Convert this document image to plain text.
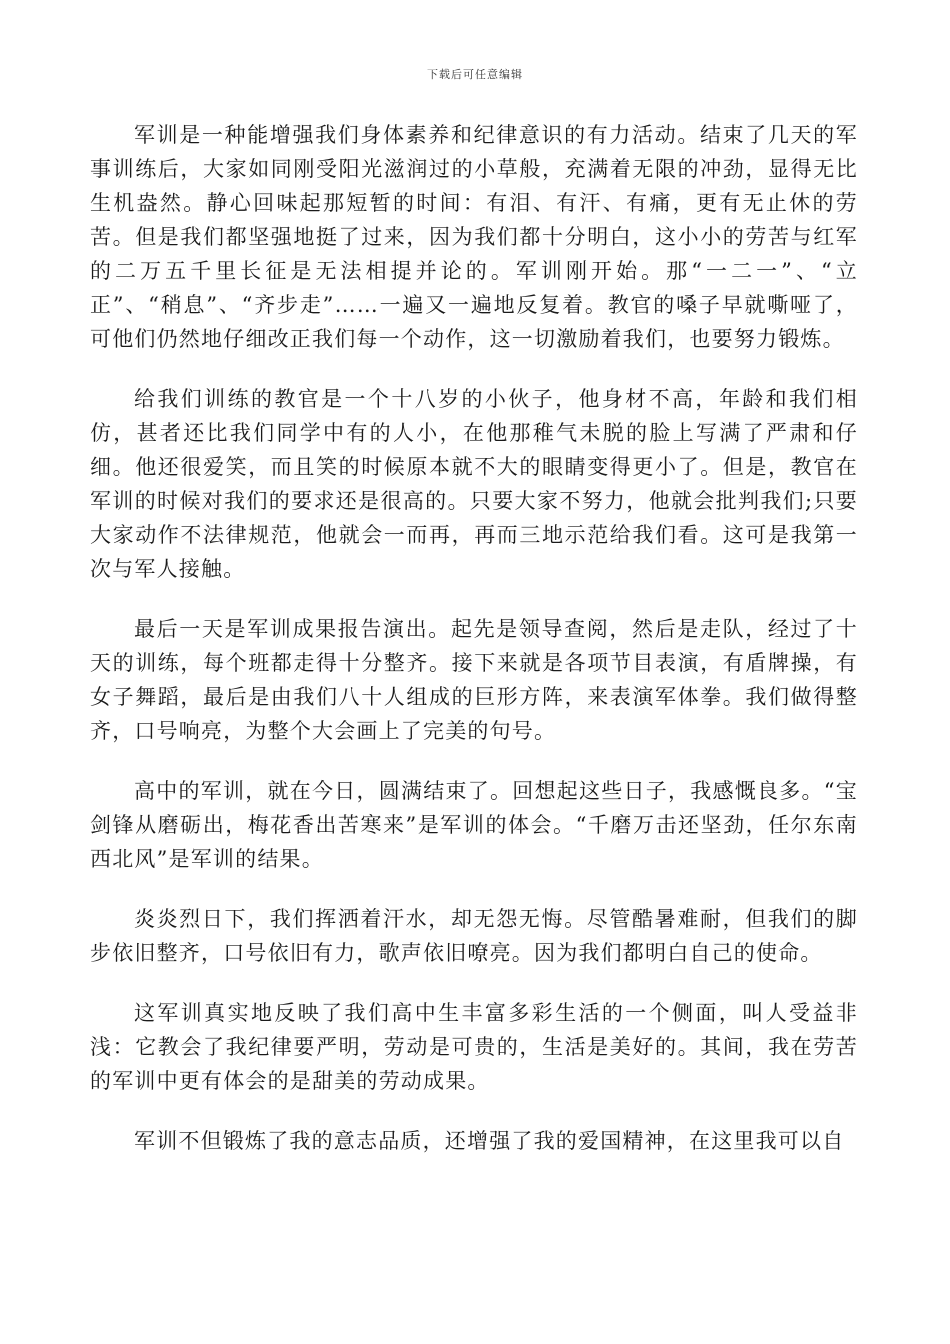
下载后可任意编辑

军训是一种能增强我们身体素养和纪律意识的有力活动。结束了几天的军事训练后，大家如同刚受阳光滋润过的小草般，充满着无限的冲劲，显得无比生机盎然。静心回味起那短暂的时间：有泪、有汗、有痛，更有无止休的劳苦。但是我们都坚强地挺了过来，因为我们都十分明白，这小小的劳苦与红军的二万五千里长征是无法相提并论的。军训刚开始。那“一二一”、“立正”、“稍息”、“齐步走”……一遍又一遍地反复着。教官的嗓子早就嘶哑了，可他们仍然地仔细改正我们每一个动作，这一切激励着我们，也要努力锻炼。

给我们训练的教官是一个十八岁的小伙子，他身材不高，年龄和我们相仿，甚者还比我们同学中有的人小，在他那稚气未脱的脸上写满了严肃和仔细。他还很爱笑，而且笑的时候原本就不大的眼睛变得更小了。但是，教官在军训的时候对我们的要求还是很高的。只要大家不努力，他就会批判我们;只要大家动作不法律规范，他就会一而再，再而三地示范给我们看。这可是我第一次与军人接触。

最后一天是军训成果报告演出。起先是领导查阅，然后是走队，经过了十天的训练，每个班都走得十分整齐。接下来就是各项节目表演，有盾牌操，有女子舞蹈，最后是由我们八十人组成的巨形方阵，来表演军体拳。我们做得整齐，口号响亮，为整个大会画上了完美的句号。

高中的军训，就在今日，圆满结束了。回想起这些日子，我感慨良多。“宝剑锋从磨砺出，梅花香出苦寒来”是军训的体会。“千磨万击还坚劲，任尔东南西北风”是军训的结果。

炎炎烈日下，我们挥洒着汗水，却无怨无悔。尽管酷暑难耐，但我们的脚步依旧整齐，口号依旧有力，歌声依旧嘹亮。因为我们都明白自己的使命。

这军训真实地反映了我们高中生丰富多彩生活的一个侧面，叫人受益非浅：它教会了我纪律要严明，劳动是可贵的，生活是美好的。其间，我在劳苦的军训中更有体会的是甜美的劳动成果。

军训不但锻炼了我的意志品质，还增强了我的爱国精神，在这里我可以自
